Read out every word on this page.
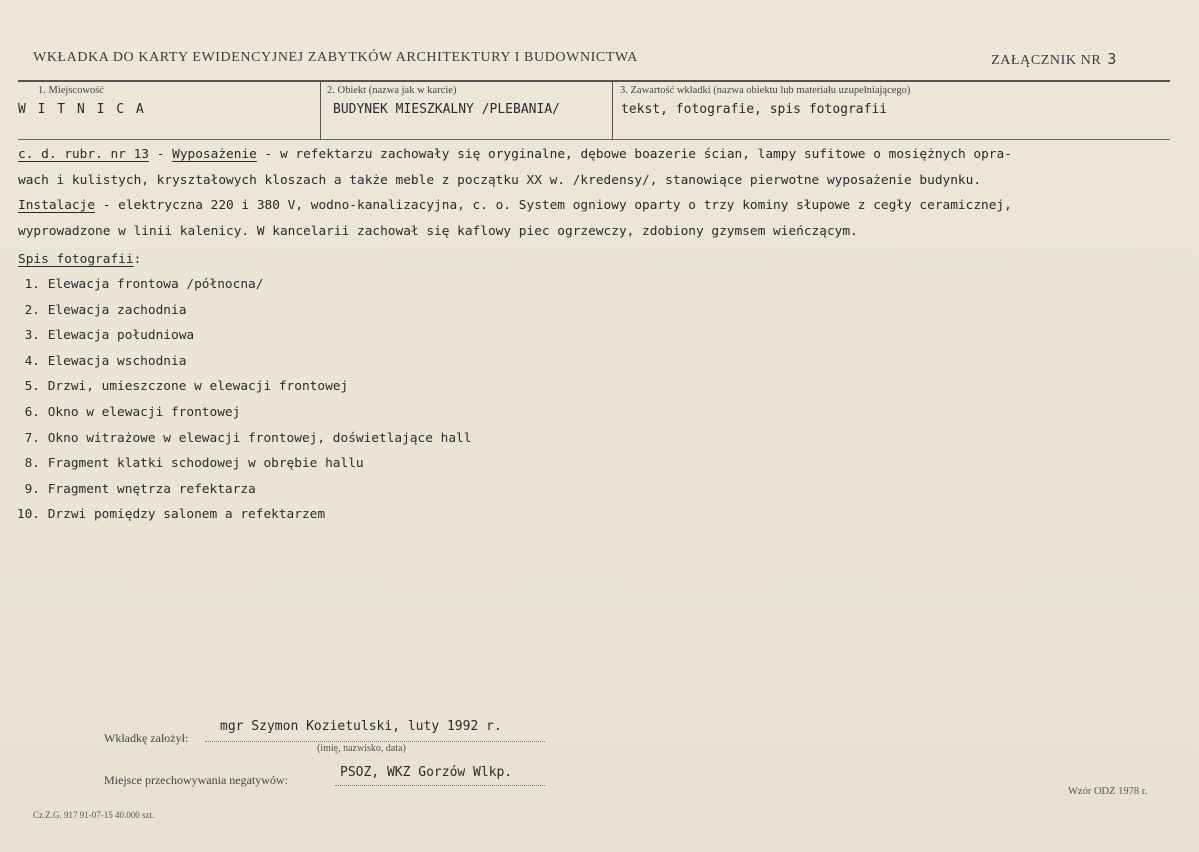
WKŁADKA DO KARTY EWIDENCYJNEJ ZABYTKÓW ARCHITEKTURY I BUDOWNICTWA	ZAŁĄCZNIK NR 3
1. Miejscowość
W I T N I C A
2. Obiekt (nazwa jak w karcie)
BUDYNEK MIESZKALNY /PLEBANIA/
3. Zawartość wkładki (nazwa obiektu lub materiału uzupełniającego)
tekst, fotografie, spis fotografii

c. d. rubr. nr 13 - Wyposażenie - w refektarzu zachowały się oryginalne, dębowe boazerie ścian, lampy sufitowe o mosiężnych opra-

wach i kulistych, kryształowych kloszach a także meble z początku XX w. /kredensy/, stanowiące pierwotne wyposażenie budynku.

Instalacje - elektryczna 220 i 380 V, wodno-kanalizacyjna, c. o. System ogniowy oparty o trzy kominy słupowe z cegły ceramicznej,

wyprowadzone w linii kalenicy. W kancelarii zachował się kaflowy piec ogrzewczy, zdobiony gzymsem wieńczącym.

Spis fotografii:
1. Elewacja frontowa /północna/
2. Elewacja zachodnia
3. Elewacja południowa
4. Elewacja wschodnia
5. Drzwi, umieszczone w elewacji frontowej
6. Okno w elewacji frontowej
7. Okno witrażowe w elewacji frontowej, doświetlające hall
8. Fragment klatki schodowej w obrębie hallu
9. Fragment wnętrza refektarza
10. Drzwi pomiędzy salonem a refektarzem
Wkładkę założył:
mgr Szymon Kozietulski, luty 1992 r.
(imię, nazwisko, data)
Miejsce przechowywania negatywów:	PSOZ, WKZ Gorzów Wlkp.
Cz.Z.G. 917 91-07-15 40.000 szt.
Wzór ODZ 1978 r.
